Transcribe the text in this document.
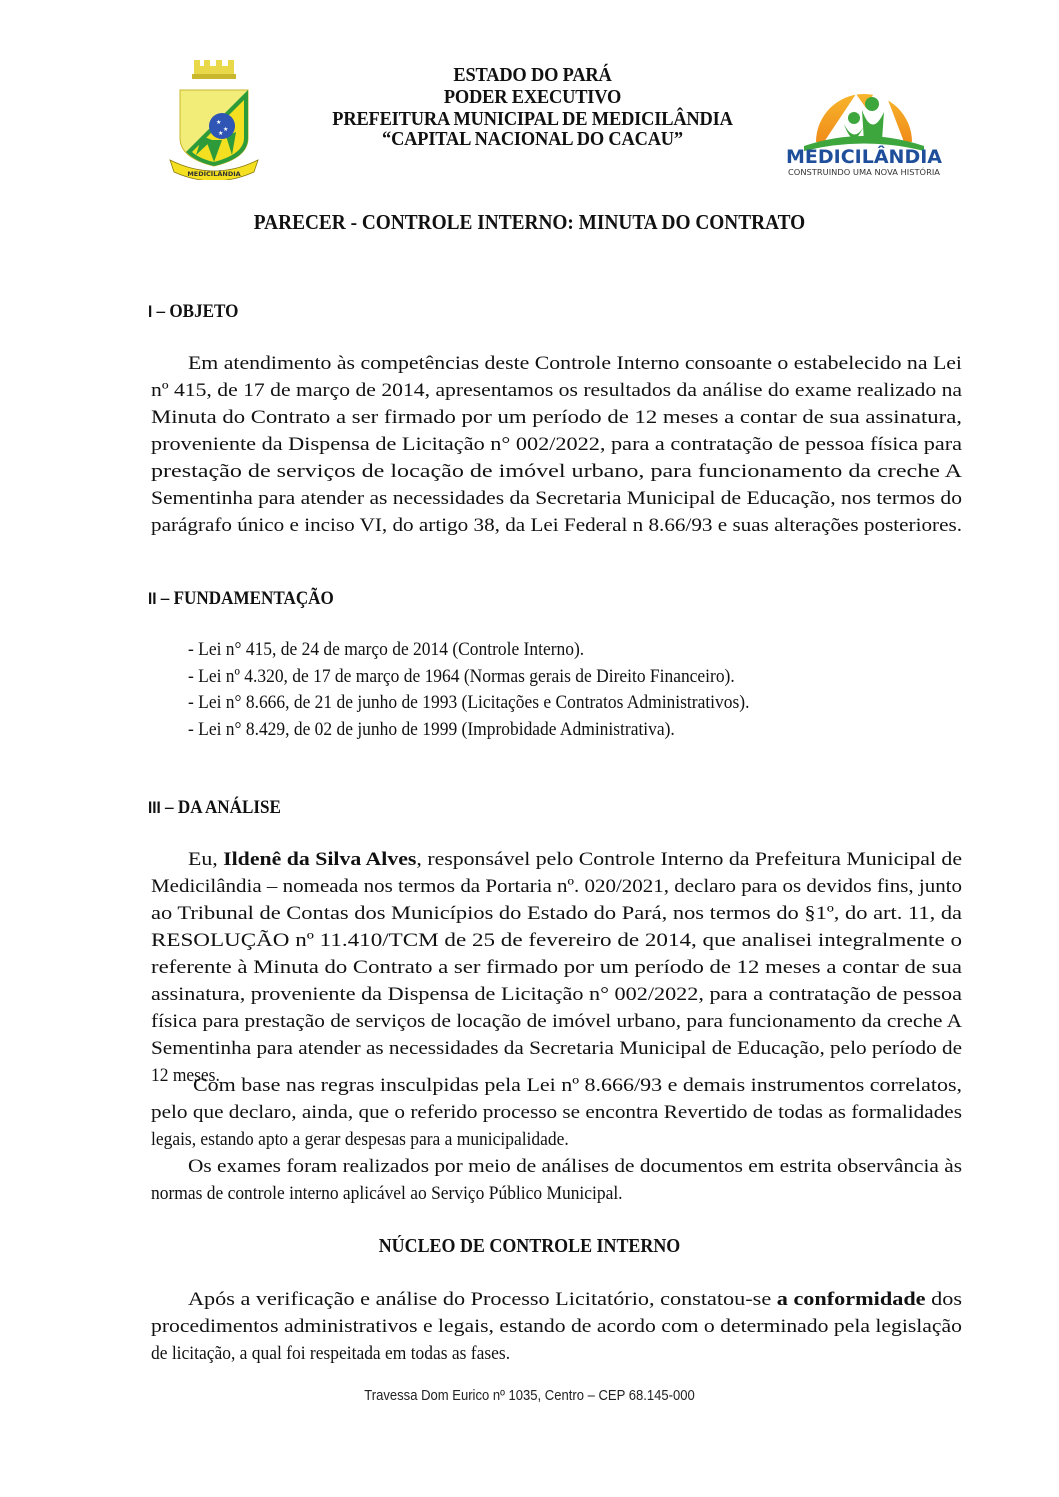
★
★
★
MEDICILÂNDIA
ESTADO DO PARÁ
PODER EXECUTIVO
PREFEITURA MUNICIPAL DE MEDICILÂNDIA
“CAPITAL NACIONAL DO CACAU”
MEDICILÂNDIA
CONSTRUINDO UMA NOVA HISTÓRIA
PARECER - CONTROLE INTERNO: MINUTA DO CONTRATO
I – OBJETO
Em atendimento às competências deste Controle Interno consoante o estabelecido na Lei
nº 415, de 17 de março de 2014, apresentamos os resultados da análise do exame realizado na
Minuta do Contrato a ser firmado por um período de 12 meses a contar de sua assinatura,
proveniente da Dispensa de Licitação n° 002/2022, para a contratação de pessoa física para
prestação de serviços de locação de imóvel urbano, para funcionamento da creche A
Sementinha para atender as necessidades da Secretaria Municipal de Educação, nos termos do
parágrafo único e inciso VI, do artigo 38, da Lei Federal n 8.66/93 e suas alterações posteriores.
II – FUNDAMENTAÇÃO
- Lei n° 415, de 24 de março de 2014 (Controle Interno).
- Lei nº 4.320, de 17 de março de 1964 (Normas gerais de Direito Financeiro).
- Lei n° 8.666, de 21 de junho de 1993 (Licitações e Contratos Administrativos).
- Lei n° 8.429, de 02 de junho de 1999 (Improbidade Administrativa).
III – DA ANÁLISE
Eu, Ildenê da Silva Alves, responsável pelo Controle Interno da Prefeitura Municipal de
Medicilândia – nomeada nos termos da Portaria nº. 020/2021, declaro para os devidos fins, junto
ao Tribunal de Contas dos Municípios do Estado do Pará, nos termos do §1º, do art. 11, da
RESOLUÇÃO nº 11.410/TCM de 25 de fevereiro de 2014, que analisei integralmente o
referente à Minuta do Contrato a ser firmado por um período de 12 meses a contar de sua
assinatura, proveniente da Dispensa de Licitação n° 002/2022, para a contratação de pessoa
física para prestação de serviços de locação de imóvel urbano, para funcionamento da creche A
Sementinha para atender as necessidades da Secretaria Municipal de Educação, pelo período de
12 meses.
Com base nas regras insculpidas pela Lei nº 8.666/93 e demais instrumentos correlatos,
pelo que declaro, ainda, que o referido processo se encontra Revertido de todas as formalidades
legais, estando apto a gerar despesas para a municipalidade.
Os exames foram realizados por meio de análises de documentos em estrita observância às
normas de controle interno aplicável ao Serviço Público Municipal.
NÚCLEO DE CONTROLE INTERNO
Após a verificação e análise do Processo Licitatório, constatou-se a conformidade dos
procedimentos administrativos e legais, estando de acordo com o determinado pela legislação
de licitação, a qual foi respeitada em todas as fases.
Travessa Dom Eurico nº 1035, Centro – CEP 68.145-000
